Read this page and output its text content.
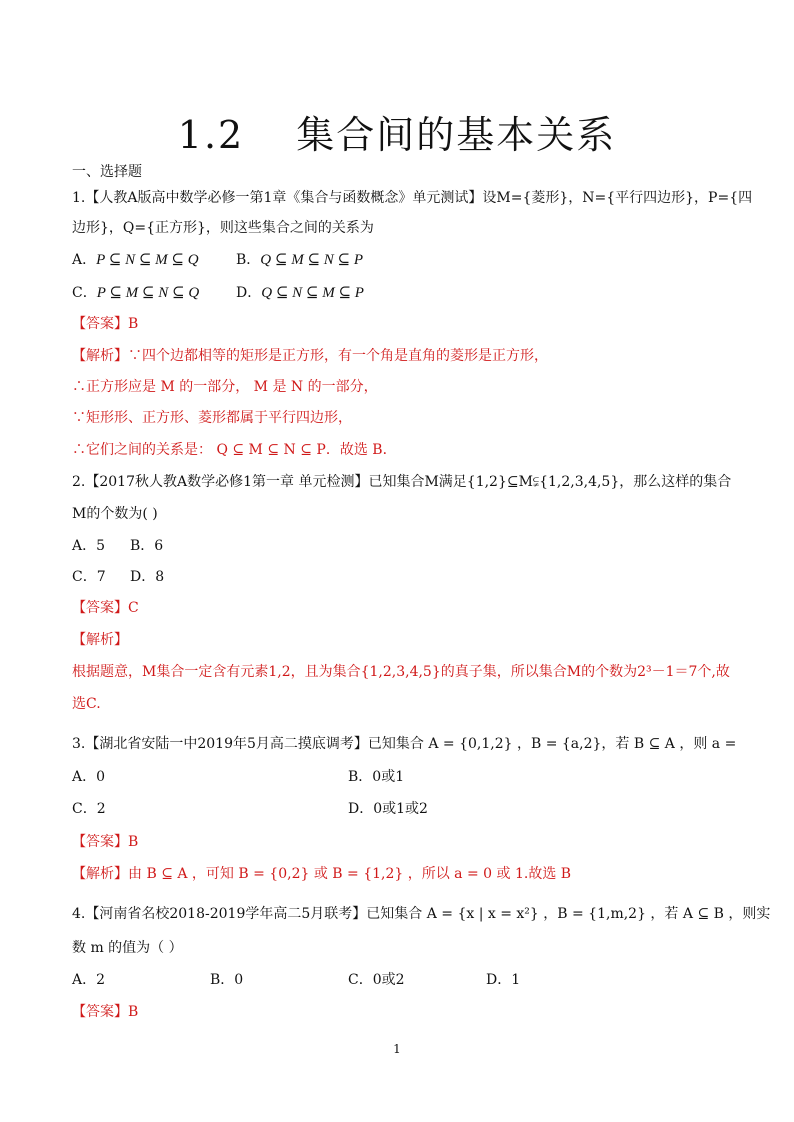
1.2 集合间的基本关系
一、选择题
1.【人教A版高中数学必修一第1章《集合与函数概念》单元测试】设M={菱形}，N={平行四边形}，P={四
边形}，Q={正方形}，则这些集合之间的关系为
A．P ⊆ N ⊆ M ⊆ Q	B．Q ⊆ M ⊆ N ⊆ P
C．P ⊆ M ⊆ N ⊆ Q	D．Q ⊆ N ⊆ M ⊆ P
【答案】B
【解析】∵四个边都相等的矩形是正方形，有一个角是直角的菱形是正方形，
∴正方形应是 M 的一部分， M 是 N 的一部分，
∵矩形形、正方形、菱形都属于平行四边形，
∴它们之间的关系是： Q ⊆ M ⊆ N ⊆ P．故选 B．
2.【2017秋人教A数学必修1第一章 单元检测】已知集合M满足{1,2}⊆M⫋{1,2,3,4,5}，那么这样的集合
M的个数为( )
A．5 B．6
C．7 D．8
【答案】C
【解析】
根据题意，M集合一定含有元素1,2，且为集合{1,2,3,4,5}的真子集，所以集合M的个数为2³－1＝7个,故
选C.
3.【湖北省安陆一中2019年5月高二摸底调考】已知集合 A = {0,1,2} ，B = {a,2}，若 B ⊆ A ，则 a =
A．0	B．0或1
C．2	D．0或1或2
【答案】B
【解析】由 B ⊆ A ，可知 B = {0,2} 或 B = {1,2} ，所以 a = 0 或 1.故选 B
4.【河南省名校2018-2019学年高二5月联考】已知集合 A = {x | x = x²} ，B = {1,m,2} ，若 A ⊆ B ，则实
数 m 的值为（ ）
A．2	B．0	C．0或2	D．1
【答案】B
1
